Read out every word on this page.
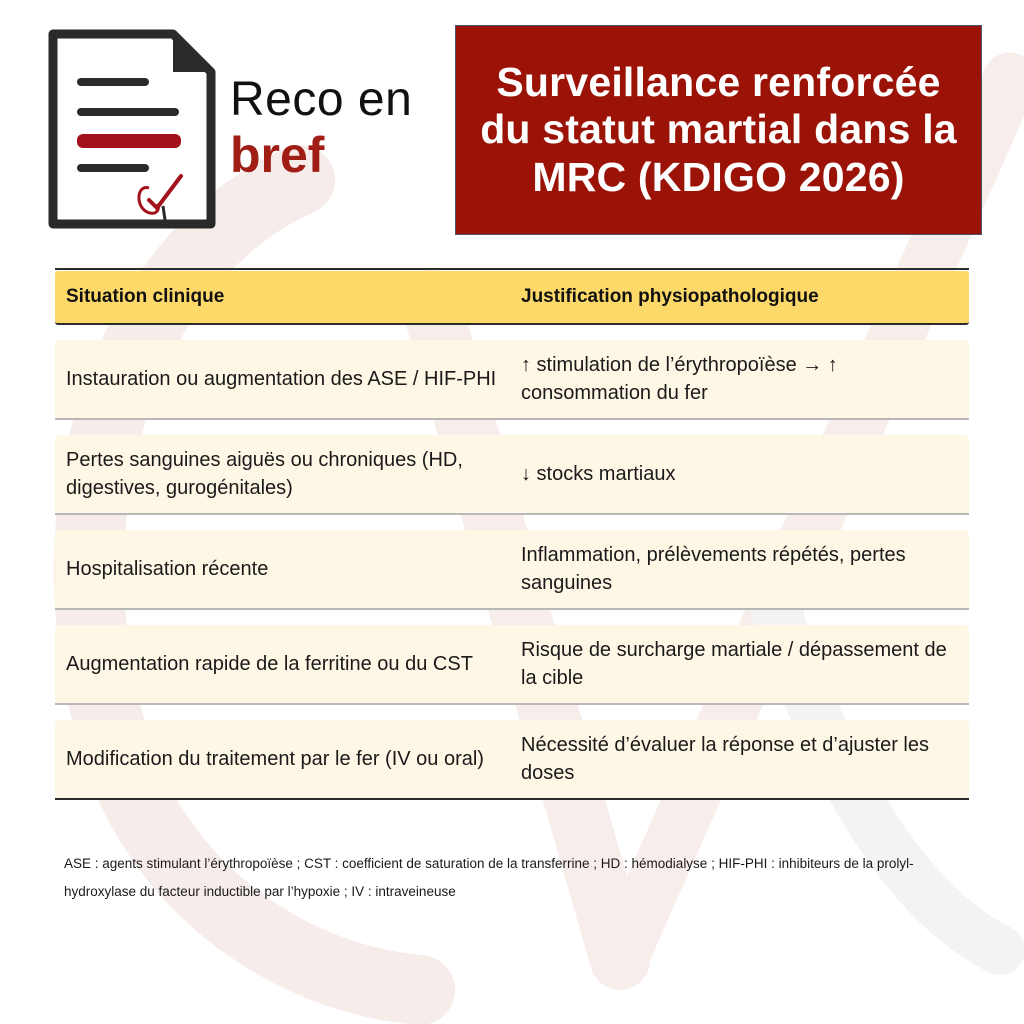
Reco en
bref
Surveillance renforcée du statut martial dans la MRC (KDIGO 2026)
Situation clinique	Justification physiopathologique
Instauration ou augmentation des ASE / HIF-PHI
↑ stimulation de l’érythropoïèse → ↑ consommation du fer
Pertes sanguines aiguës ou chroniques (HD, digestives, gurogénitales)
↓ stocks martiaux
Hospitalisation récente
Inflammation, prélèvements répétés, pertes sanguines
Augmentation rapide de la ferritine ou du CST
Risque de surcharge martiale / dépassement de la cible
Modification du traitement par le fer (IV ou oral)
Nécessité d’évaluer la réponse et d’ajuster les doses

ASE : agents stimulant l’érythropoïèse ; CST : coefficient de saturation de la transferrine ; HD : hémodialyse ; HIF-PHI : inhibiteurs de la prolyl-hydroxylase du facteur inductible par l’hypoxie ; IV : intraveineuse
